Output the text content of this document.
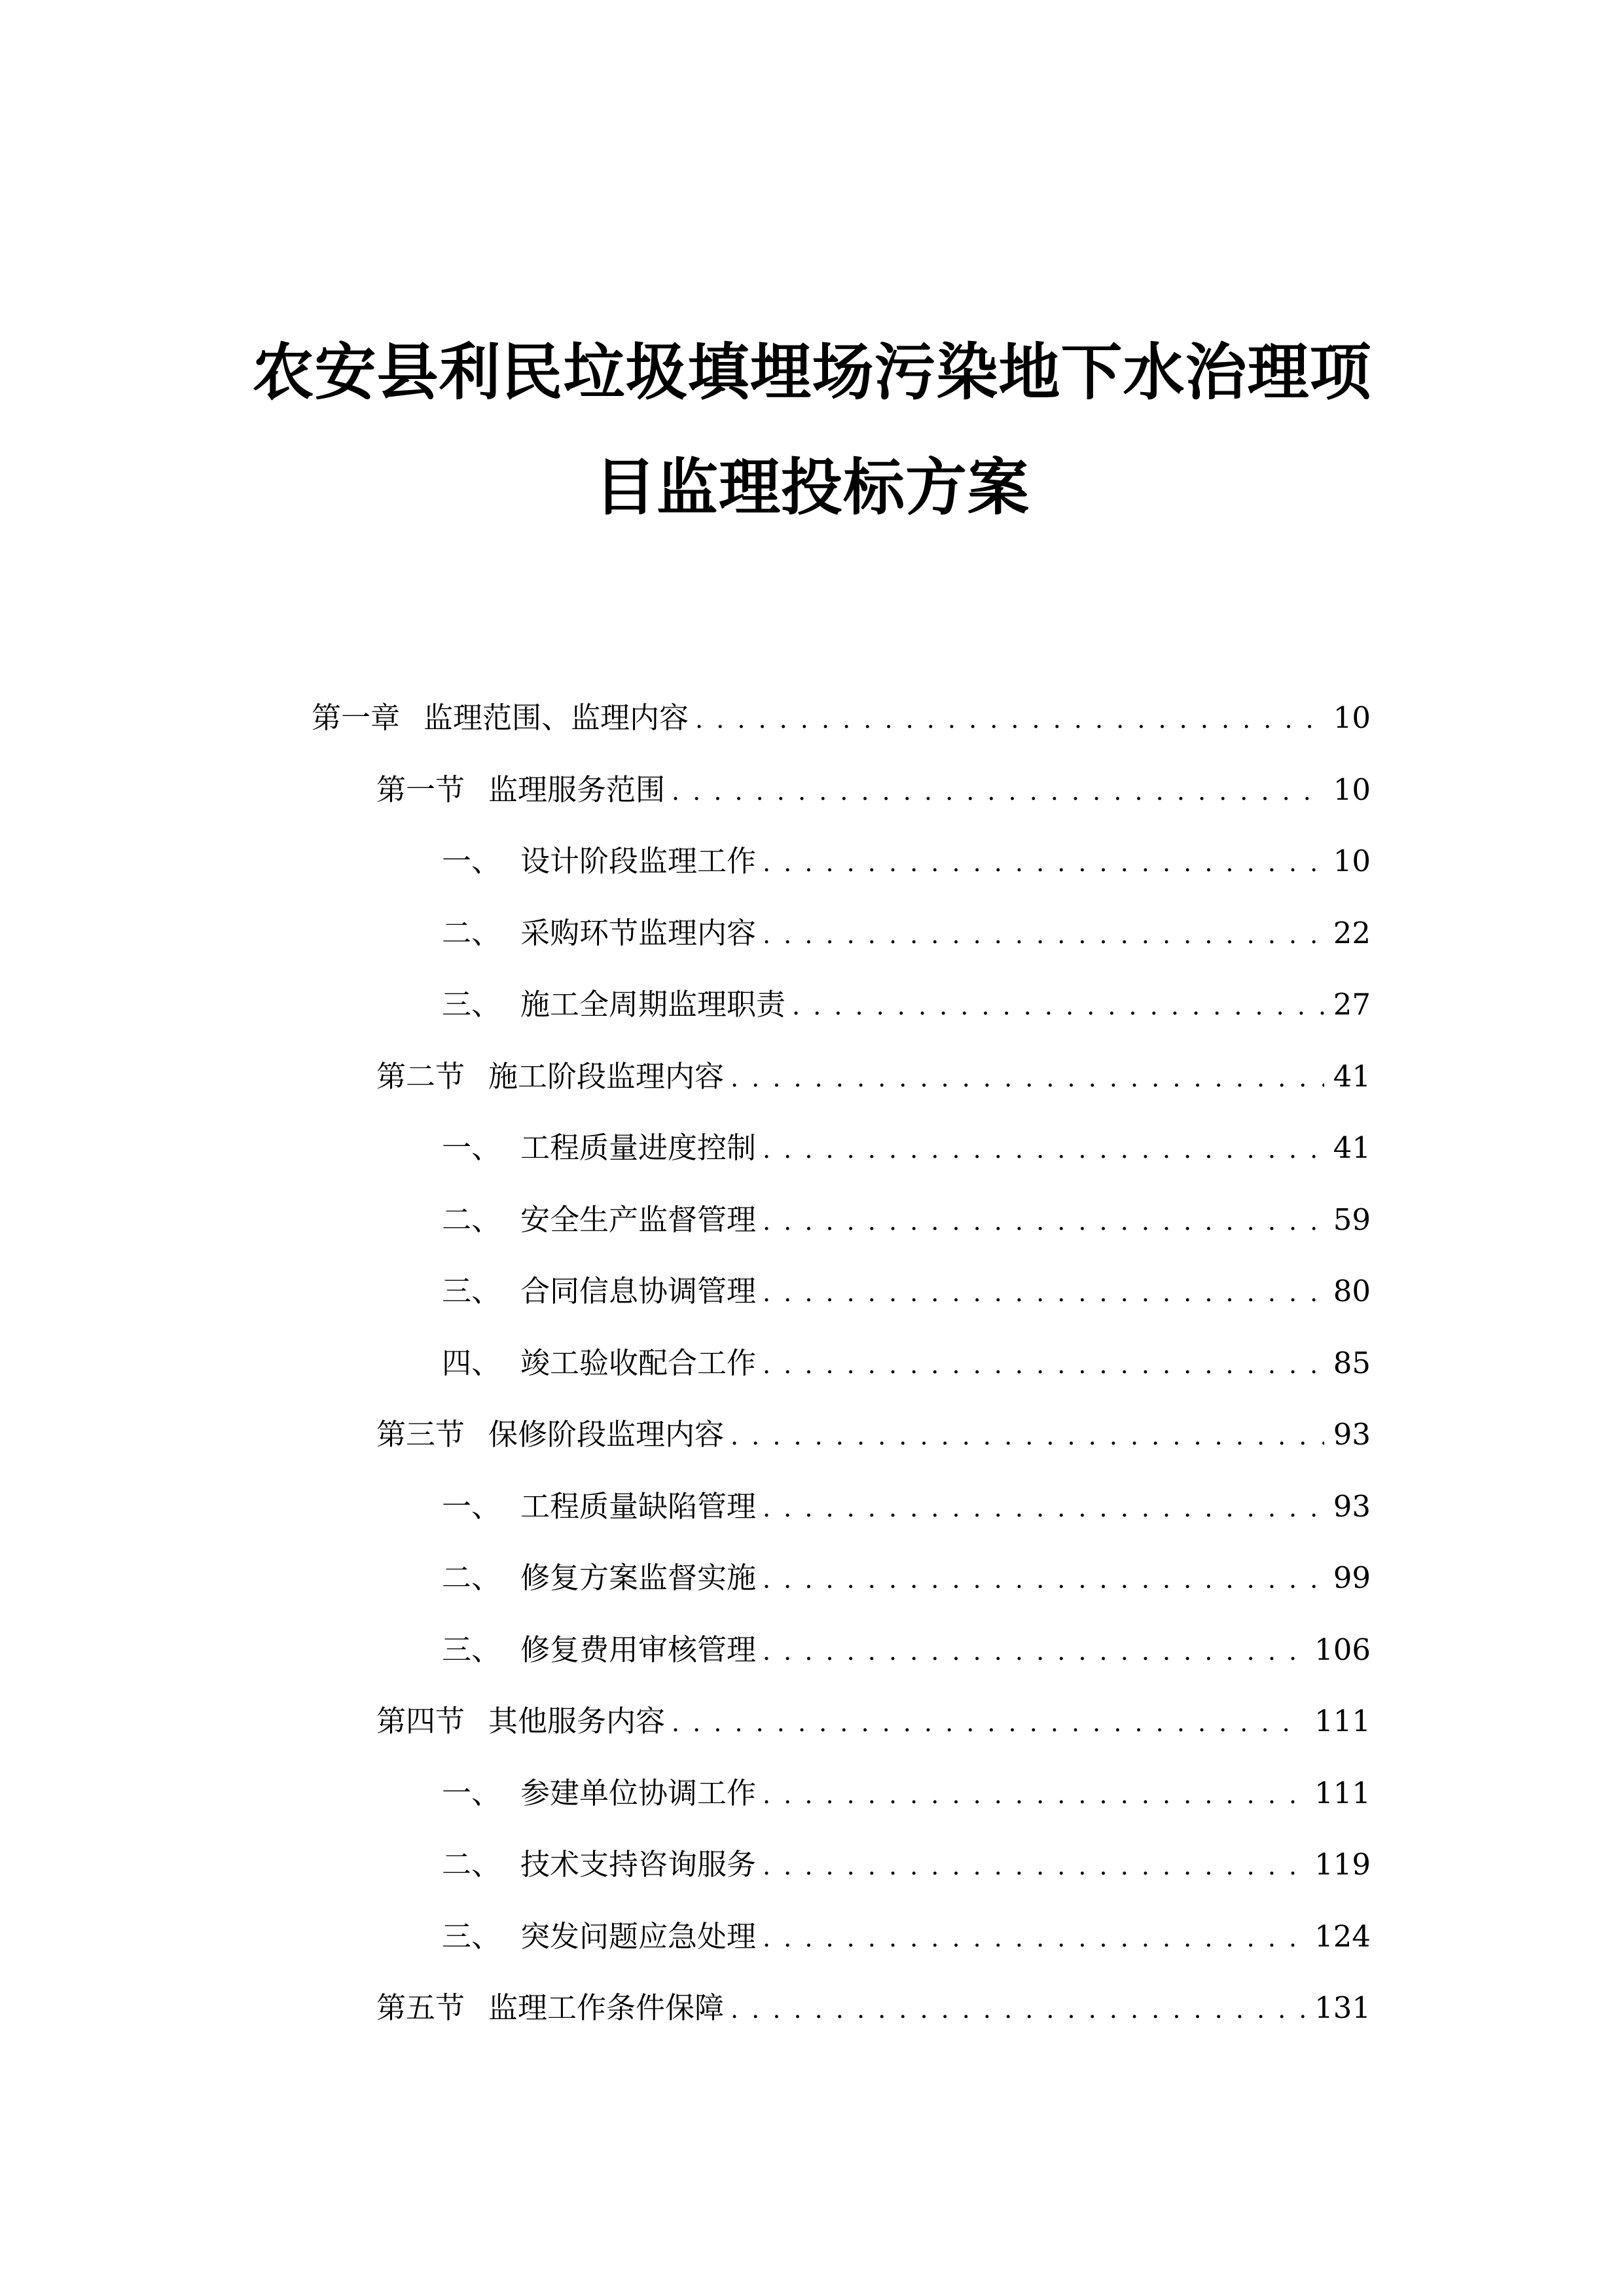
农安县利民垃圾填埋场污染地下水治理项
目监理投标方案
第一章 监理范围、监理内容 . . .	10
第一节 监理服务范围 . . .	10
一、 设计阶段监理工作 . . .	10
二、 采购环节监理内容 . . .	22
三、 施工全周期监理职责 . . .	27
第二节 施工阶段监理内容 . . .	41
一、 工程质量进度控制 . . .	41
二、 安全生产监督管理 . . .	59
三、 合同信息协调管理 . . .	80
四、 竣工验收配合工作 . . .	85
第三节 保修阶段监理内容 . . .	93
一、 工程质量缺陷管理 . . .	93
二、 修复方案监督实施 . . .	99
三、 修复费用审核管理 . . .	106
第四节 其他服务内容 . . .	111
一、 参建单位协调工作 . . .	111
二、 技术支持咨询服务 . . .	119
三、 突发问题应急处理 . . .	124
第五节 监理工作条件保障 . . .	131
